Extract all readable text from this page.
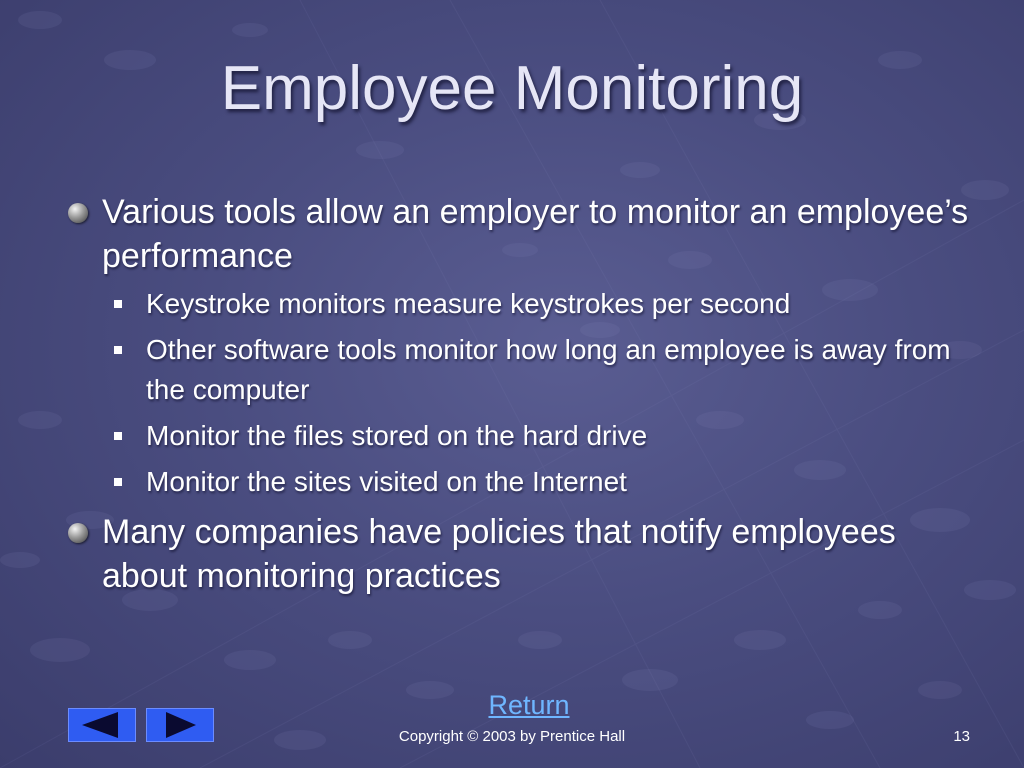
Employee Monitoring
Various tools allow an employer to monitor an employee’s performance
Keystroke monitors measure keystrokes per second
Other software tools monitor how long an employee is away from the computer
Monitor the files stored on the hard drive
Monitor the sites visited on the Internet
Many companies have policies that notify employees about monitoring practices
Return
Copyright © 2003 by Prentice Hall	13
